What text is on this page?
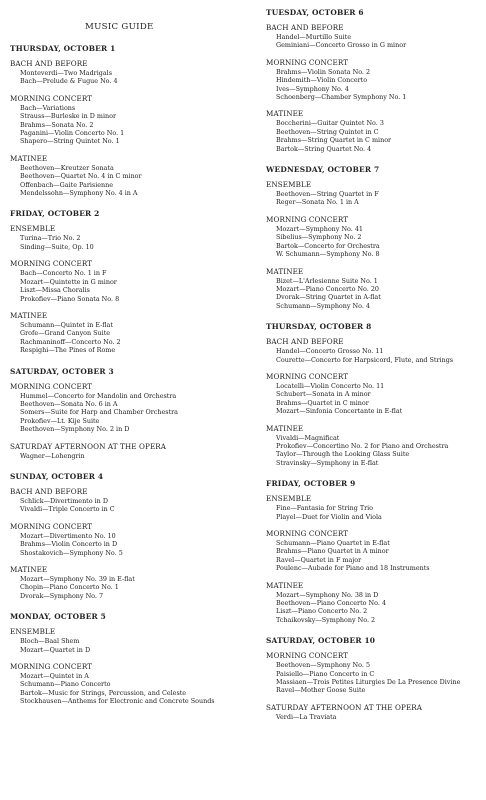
MUSIC GUIDE
THURSDAY, OCTOBER 1
BACH AND BEFORE
Monteverdi—Two Madrigals
Bach—Prelude & Fugue No. 4
MORNING CONCERT
Bach—Variations
Strauss—Burleske in D minor
Brahms—Sonata No. 2
Paganini—Violin Concerto No. 1
Shapero—String Quintet No. 1
MATINEE
Beethoven—Kreutzer Sonata
Beethoven—Quartet No. 4 in C minor
Offenbach—Gaite Parisienne
Mendelssohn—Symphony No. 4 in A
FRIDAY, OCTOBER 2
ENSEMBLE
Turina—Trio No. 2
Sinding—Suite, Op. 10
MORNING CONCERT
Bach—Concerto No. 1 in F
Mozart—Quintette in G minor
Liszt—Missa Choralis
Prokofiev—Piano Sonata No. 8
MATINEE
Schumann—Quintet in E-flat
Grofe—Grand Canyon Suite
Rachmaninoff—Concerto No. 2
Respighi—The Pines of Rome
SATURDAY, OCTOBER 3
MORNING CONCERT
Hummel—Concerto for Mandolin and Orchestra
Beethoven—Sonata No. 6 in A
Somers—Suite for Harp and Chamber Orchestra
Prokofiev—Lt. Kije Suite
Beethoven—Symphony No. 2 in D
SATURDAY AFTERNOON AT THE OPERA
Wagner—Lohengrin
SUNDAY, OCTOBER 4
BACH AND BEFORE
Schlick—Divertimento in D
Vivaldi—Triple Concerto in C
MORNING CONCERT
Mozart—Divertimento No. 10
Brahms—Violin Concerto in D
Shostakovich—Symphony No. 5
MATINEE
Mozart—Symphony No. 39 in E-flat
Chopin—Piano Concerto No. 1
Dvorak—Symphony No. 7
MONDAY, OCTOBER 5
ENSEMBLE
Bloch—Baal Shem
Mozart—Quartet in D
MORNING CONCERT
Mozart—Quintet in A
Schumann—Piano Concerto
Bartok—Music for Strings, Percussion, and Celeste
Stockhausen—Anthems for Electronic and Concrete Sounds
TUESDAY, OCTOBER 6
BACH AND BEFORE
Handel—Murtillo Suite
Geminiani—Concerto Grosso in G minor
MORNING CONCERT
Brahms—Violin Sonata No. 2
Hindemith—Violin Concerto
Ives—Symphony No. 4
Schoenberg—Chamber Symphony No. 1
MATINEE
Boccherini—Guitar Quintet No. 3
Beethoven—String Quintet in C
Brahms—String Quartet in C minor
Bartok—String Quartet No. 4
WEDNESDAY, OCTOBER 7
ENSEMBLE
Beethoven—String Quartet in F
Reger—Sonata No. 1 in A
MORNING CONCERT
Mozart—Symphony No. 41
Sibelius—Symphony No. 2
Bartok—Concerto for Orchestra
W. Schumann—Symphony No. 8
MATINEE
Bizet—L'Arlesienne Suite No. 1
Mozart—Piano Concerto No. 20
Dvorak—String Quartet in A-flat
Schumann—Symphony No. 4
THURSDAY, OCTOBER 8
BACH AND BEFORE
Handel—Concerto Grosso No. 11
Courette—Concerto for Harpsicord, Flute, and Strings
MORNING CONCERT
Locatelli—Violin Concerto No. 11
Schubert—Sonata in A minor
Brahms—Quartet in C minor
Mozart—Sinfonia Concertante in E-flat
MATINEE
Vivaldi—Magnificat
Prokofiev—Concertino No. 2 for Piano and Orchestra
Taylor—Through the Looking Glass Suite
Stravinsky—Symphony in E-flat
FRIDAY, OCTOBER 9
ENSEMBLE
Fine—Fantasia for String Trio
Playel—Duet for Violin and Viola
MORNING CONCERT
Schumann—Piano Quartet in E-flat
Brahms—Piano Quartet in A minor
Ravel—Quartet in F major
Poulenc—Aubade for Piano and 18 Instruments
MATINEE
Mozart—Symphony No. 38 in D
Beethoven—Piano Concerto No. 4
Liszt—Piano Concerto No. 2
Tchaikovsky—Symphony No. 2
SATURDAY, OCTOBER 10
MORNING CONCERT
Beethoven—Symphony No. 5
Paisiello—Piano Concerto in C
Massiaen—Trois Petites Liturgies De La Presence Divine
Ravel—Mother Goose Suite
SATURDAY AFTERNOON AT THE OPERA
Verdi—La Traviata
